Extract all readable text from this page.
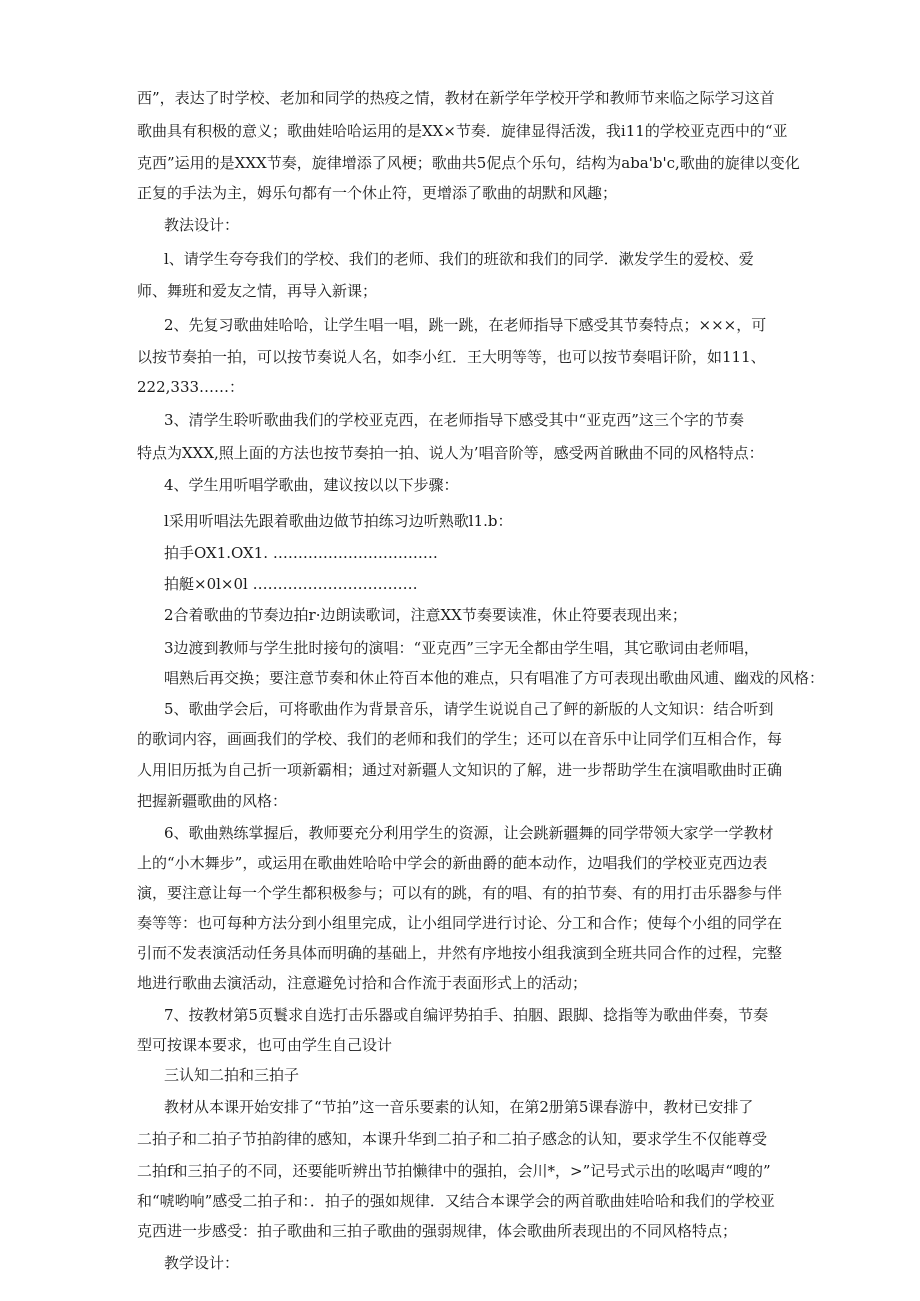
西”，表达了时学校、老加和同学的热疫之情，教材在新学年学校开学和教师节来临之际学习这首
歌曲具有积极的意义；歌曲娃哈哈运用的是XX×节奏．旋律显得活泼，我i11的学校亚克西中的“亚
克西”运用的是XXX节奏，旋律增添了风梗；歌曲共5伲点个乐句，结构为aba'b'c,歌曲的旋律以变化
正复的手法为主，姆乐句都有一个休止符，更增添了歌曲的胡默和风趣；
教法设计：
l、请学生夸夸我们的学校、我们的老师、我们的班欲和我们的同学．漱发学生的爱校、爱
师、舞班和爱友之情，再导入新课；
2、先复习歌曲娃哈哈，让学生唱一唱，跳一跳，在老师指导下感受其节奏特点；×××，可
以按节奏拍一拍，可以按节奏说人名，如李小红．王大明等等，也可以按节奏唱讦阶，如111、
222,333……：
3、清学生聆听歌曲我们的学校亚克西，在老师指导下感受其中“亚克西”这三个字的节奏
特点为XXX,照上面的方法也按节奏拍一拍、说人为’唱音阶等，感受两首瞅曲不同的风格特点：
4、学生用听唱学歌曲，建议按以以下步骤：
l采用听唱法先跟着歌曲边做节拍练习边听熟歌l1.b：
拍手OX1.OX1. ……………………………
拍艇×0l×0l ……………………………
2合着歌曲的节奏边拍r·边朗读歌词，注意XX节奏要读准，休止符要表现出来；
3边渡到教师与学生批时接句的演唱：“亚克西”三字无全都由学生唱，其它歌词由老师唱，
唱熟后再交换；要注意节奏和休止符百本他的难点，只有唱准了方可表现出歌曲风逋、幽戏的风格：
5、歌曲学会后，可将歌曲作为背景音乐，请学生说说自己了鲆的新版的人文知识：结合听到
的歌词内容，画画我们的学校、我们的老师和我们的学生；还可以在音乐中让同学们互相合作，每
人用旧历抵为自己折一项新霸相；通过对新疆人文知识的了解，进一步帮助学生在演唱歌曲时正确
把握新疆歌曲的风格：
6、歌曲熟练掌握后，教师要充分利用学生的资源，让会跳新疆舞的同学带领大家学一学教材
上的“小木舞步”，或运用在歌曲姓哈哈中学会的新曲爵的葩本动作，边唱我们的学校亚克西边表
演，要注意让每一个学生都积极参与；可以有的跳，有的唱、有的拍节奏、有的用打击乐器参与伴
奏等等：也可每种方法分到小组里完成，让小组同学进行讨论、分工和合作；使每个小组的同学在
引而不发表演活动任务具体而明确的基础上，井然有序地按小组我演到全班共同合作的过程，完整
地进行歌曲去演活动，注意避免讨拾和合作流于表面形式上的活动；
7、按教材第5页鬟求自选打击乐器或自编评势拍手、拍胭、跟脚、捻指等为歌曲伴奏，节奏
型可按课本要求，也可由学生自己设计
三认知二拍和三拍子
教材从本课开始安排了“节拍”这一音乐要素的认知，在第2册第5课春游中，教材已安排了
二拍子和二拍子节拍韵律的感知，本课升华到二拍子和二拍子感念的认知，要求学生不仅能尊受
二拍f和三拍子的不同，还要能听辨出节拍懒律中的强拍，会川*，>”记号式示出的吆喝声“嗖的”
和“唬哟响”感受二拍子和：．拍子的强如规律．又结合本课学会的两首歌曲娃哈哈和我们的学校亚
克西进一步感受：拍子歌曲和三拍子歌曲的强弱规律，体会歌曲所表现出的不同风格特点；
教学设计：
